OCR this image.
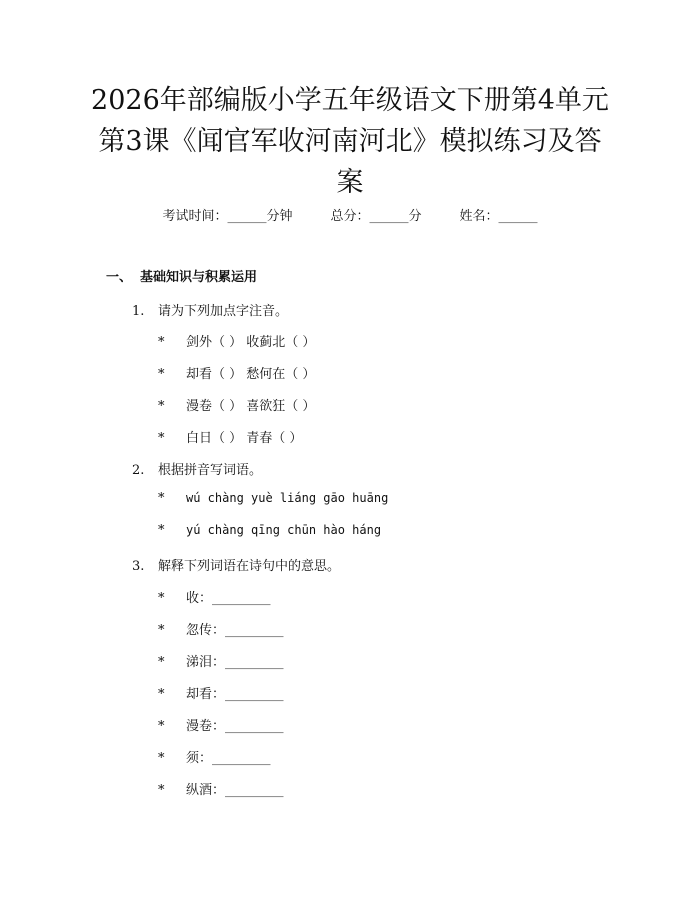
2026年部编版小学五年级语文下册第4单元
第3课《闻官军收河南河北》模拟练习及答
案
考试时间：______分钟	总分：______分	姓名：______
一、 基础知识与积累运用
1. 请为下列加点字注音。
* 剑外（ ） 收蓟北（ ）
* 却看（ ） 愁何在（ ）
* 漫卷（ ） 喜欲狂（ ）
* 白日（ ） 青春（ ）
2. 根据拼音写词语。
* wú chàng yuè liáng gāo huāng
* yú chàng qīng chūn hào háng
3. 解释下列词语在诗句中的意思。
* 收：_________
* 忽传：_________
* 涕泪：_________
* 却看：_________
* 漫卷：_________
* 须：_________
* 纵酒：_________
